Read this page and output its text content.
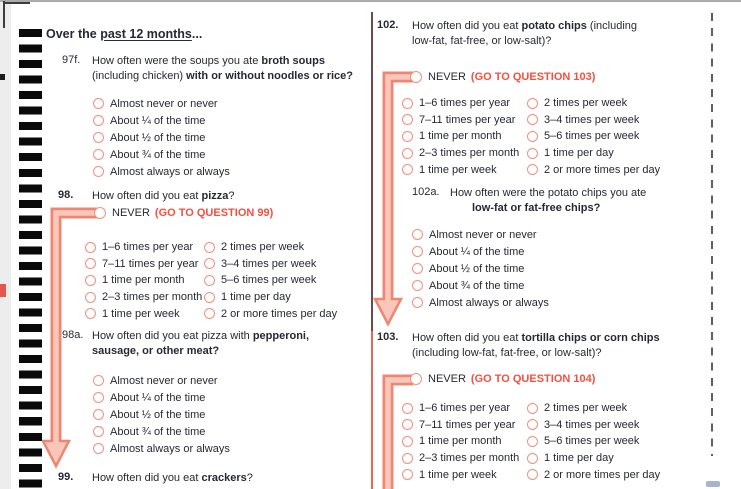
Over the past 12 months...
97f. How often were the soups you ate broth soups
(including chicken) with or without noodles or rice?
Almost never or never
About ¼ of the time
About ½ of the time
About ¾ of the time
Almost always or always
98. How often did you eat pizza?
NEVER (GO TO QUESTION 99)
1–6 times per year
7–11 times per year
1 time per month
2–3 times per month
1 time per week
2 times per week
3–4 times per week
5–6 times per week
1 time per day
2 or more times per day
98a. How often did you eat pizza with pepperoni,
sausage, or other meat?
Almost never or never
About ¼ of the time
About ½ of the time
About ¾ of the time
Almost always or always
99. How often did you eat crackers?
102. How often did you eat potato chips (including
low-fat, fat-free, or low-salt)?
NEVER (GO TO QUESTION 103)
1–6 times per year
7–11 times per year
1 time per month
2–3 times per month
1 time per week
2 times per week
3–4 times per week
5–6 times per week
1 time per day
2 or more times per day
102a. How often were the potato chips you ate
low-fat or fat-free chips?
Almost never or never
About ¼ of the time
About ½ of the time
About ¾ of the time
Almost always or always
103. How often did you eat tortilla chips or corn chips
(including low-fat, fat-free, or low-salt)?
NEVER (GO TO QUESTION 104)
1–6 times per year
7–11 times per year
1 time per month
2–3 times per month
1 time per week
2 times per week
3–4 times per week
5–6 times per week
1 time per day
2 or more times per day
